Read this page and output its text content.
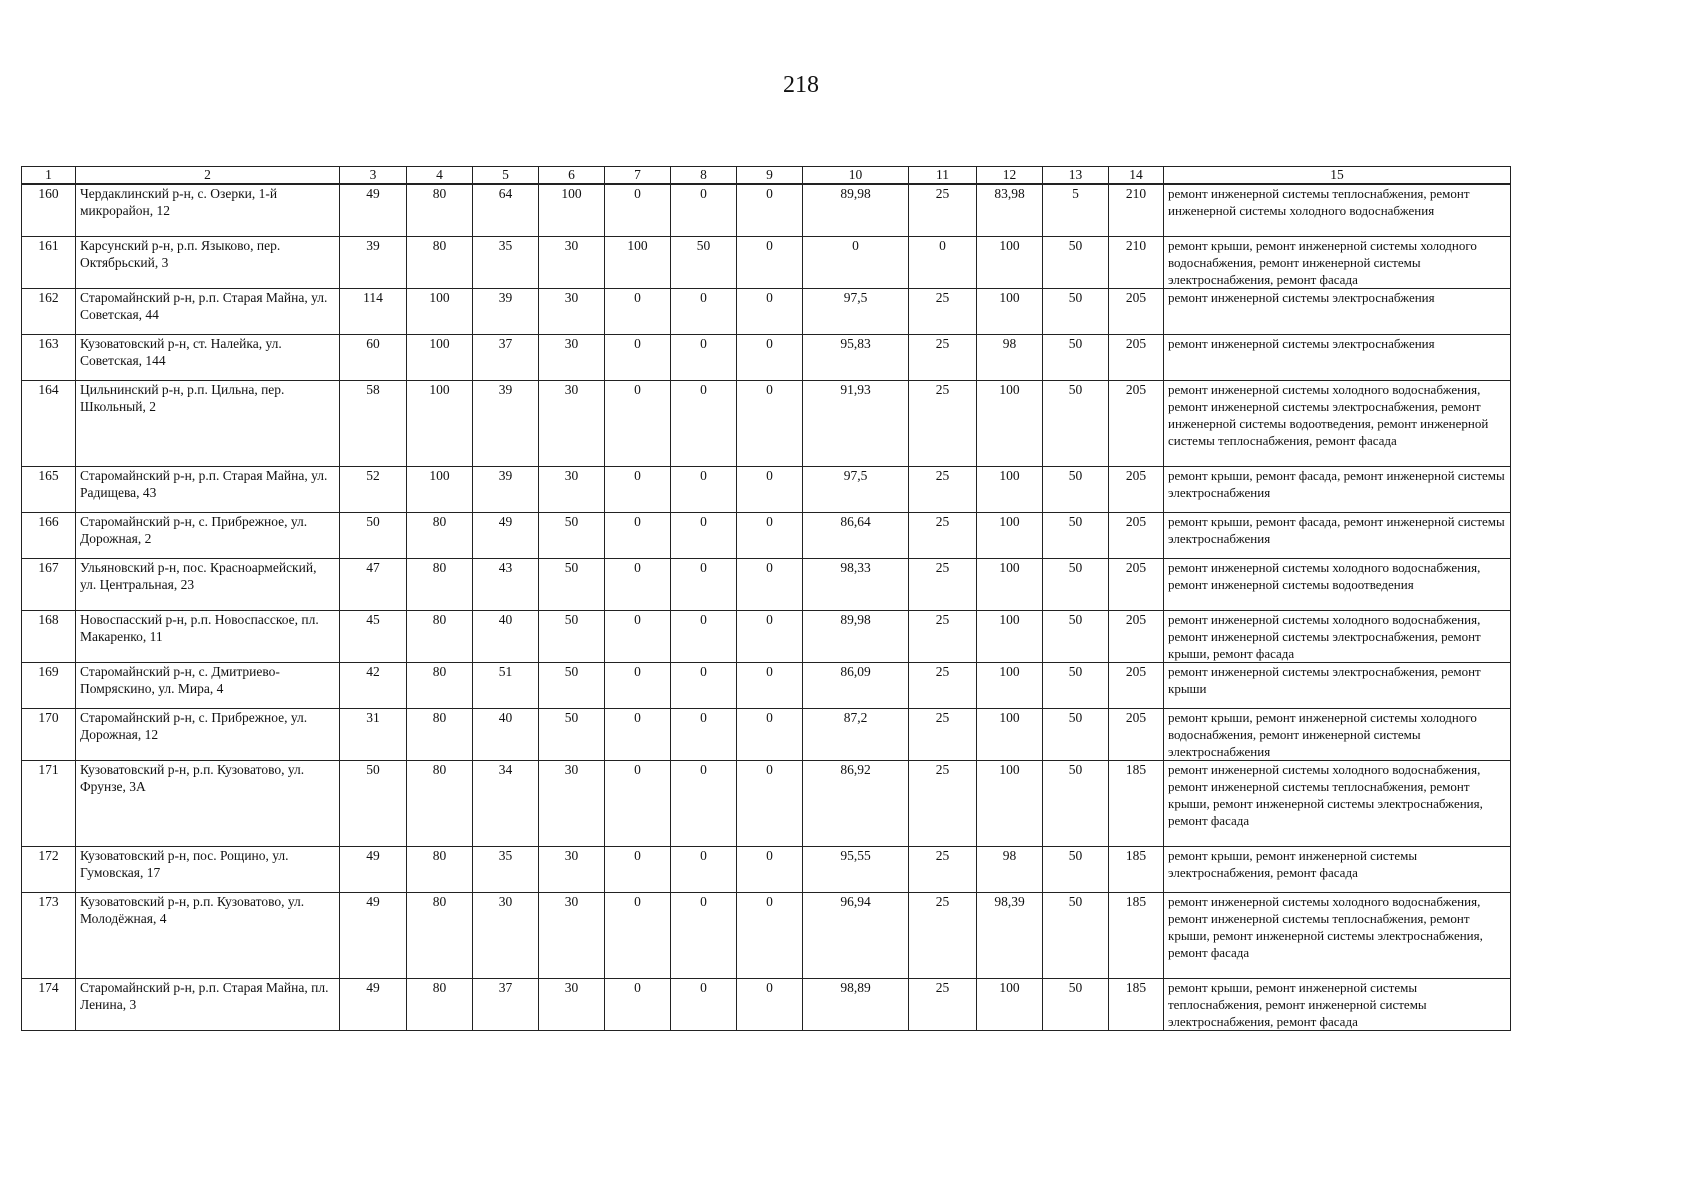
218
1	2	3	4	5	6	7	8	9	10	11	12	13	14	15
160	Чердаклинский р-н, с. Озерки, 1-й микрорайон, 12	49	80	64	100	0	0	0	89,98	25	83,98	5	210	ремонт инженерной системы теплоснабжения, ремонт инженерной системы холодного водоснабжения
161	Карсунский р-н, р.п. Языково, пер. Октябрьский, 3	39	80	35	30	100	50	0	0	0	100	50	210	ремонт крыши, ремонт инженерной системы холодного водоснабжения, ремонт инженерной системы электроснабжения, ремонт фасада
162	Старомайнский р-н, р.п. Старая Майна, ул. Советская, 44	114	100	39	30	0	0	0	97,5	25	100	50	205	ремонт инженерной системы электроснабжения
163	Кузоватовский р-н, ст. Налейка, ул. Советская, 144	60	100	37	30	0	0	0	95,83	25	98	50	205	ремонт инженерной системы электроснабжения
164	Цильнинский р-н, р.п. Цильна, пер. Школьный, 2	58	100	39	30	0	0	0	91,93	25	100	50	205	ремонт инженерной системы холодного водоснабжения, ремонт инженерной системы электроснабжения, ремонт инженерной системы водоотведения, ремонт инженерной системы теплоснабжения, ремонт фасада
165	Старомайнский р-н, р.п. Старая Майна, ул. Радищева, 43	52	100	39	30	0	0	0	97,5	25	100	50	205	ремонт крыши, ремонт фасада, ремонт инженерной системы электроснабжения
166	Старомайнский р-н, с. Прибрежное, ул. Дорожная, 2	50	80	49	50	0	0	0	86,64	25	100	50	205	ремонт крыши, ремонт фасада, ремонт инженерной системы электроснабжения
167	Ульяновский р-н, пос. Красноармейский, ул. Центральная, 23	47	80	43	50	0	0	0	98,33	25	100	50	205	ремонт инженерной системы холодного водоснабжения, ремонт инженерной системы водоотведения
168	Новоспасский р-н, р.п. Новоспасское, пл. Макаренко, 11	45	80	40	50	0	0	0	89,98	25	100	50	205	ремонт инженерной системы холодного водоснабжения, ремонт инженерной системы электроснабжения, ремонт крыши, ремонт фасада
169	Старомайнский р-н, с. Дмитриево-Помряскино, ул. Мира, 4	42	80	51	50	0	0	0	86,09	25	100	50	205	ремонт инженерной системы электроснабжения, ремонт крыши
170	Старомайнский р-н, с. Прибрежное, ул. Дорожная, 12	31	80	40	50	0	0	0	87,2	25	100	50	205	ремонт крыши, ремонт инженерной системы холодного водоснабжения, ремонт инженерной системы электроснабжения
171	Кузоватовский р-н, р.п. Кузоватово, ул. Фрунзе, 3А	50	80	34	30	0	0	0	86,92	25	100	50	185	ремонт инженерной системы холодного водоснабжения, ремонт инженерной системы теплоснабжения, ремонт крыши, ремонт инженерной системы электроснабжения, ремонт фасада
172	Кузоватовский р-н, пос. Рощино, ул. Гумовская, 17	49	80	35	30	0	0	0	95,55	25	98	50	185	ремонт крыши, ремонт инженерной системы электроснабжения, ремонт фасада
173	Кузоватовский р-н, р.п. Кузоватово, ул. Молодёжная, 4	49	80	30	30	0	0	0	96,94	25	98,39	50	185	ремонт инженерной системы холодного водоснабжения, ремонт инженерной системы теплоснабжения, ремонт крыши, ремонт инженерной системы электроснабжения, ремонт фасада
174	Старомайнский р-н, р.п. Старая Майна, пл. Ленина, 3	49	80	37	30	0	0	0	98,89	25	100	50	185	ремонт крыши, ремонт инженерной системы теплоснабжения, ремонт инженерной системы электроснабжения, ремонт фасада
